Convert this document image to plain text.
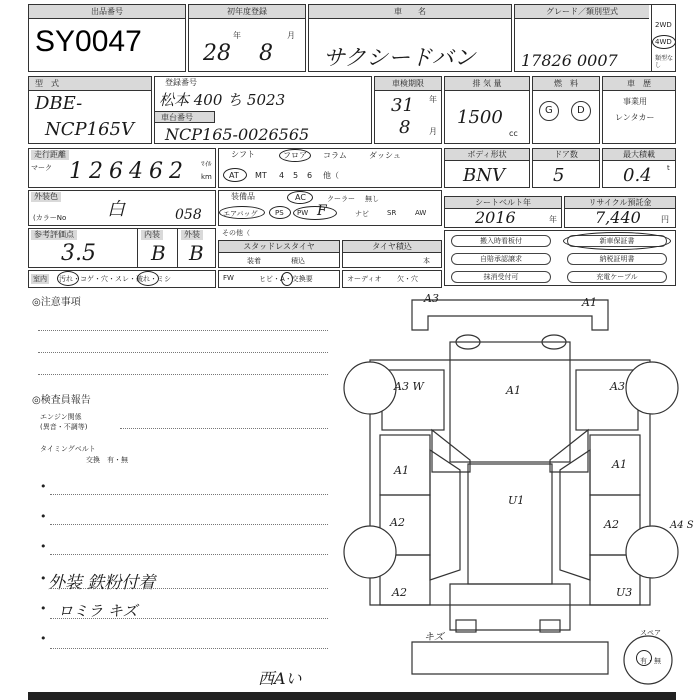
出品番号
SY0047
初年度登録
28
年
8
月
車　　名
サクシードバン
グレード／類別型式
17826 0007
2WD
4WD
類型なし
型　式
DBE-
NCP165V
登録番号
松本 400 ち 5023
車台番号
NCP165-0026565
車検期限
31 年
8 月
排 気 量
1500
cc
燃　料
G D
車　歴
事業用
レンタカー
走行距離
マーク 126462 ﾏｲﾙ
km
シフト	フロア コラム	ダッシュ
AT MT 4 5 6 他（
ボディ形状
BNV
ドア数
5
最大積載
0.4 t
外装色
白
(カラーNo	058
装備品	AC	クーラー 無し
エアバッグ	PS PW F	ナビ	SR	AW
その他（
シートベルト年
2016	年
リサイクル預託金
7,440	円
参考評価点
3.5
内装
B
外装
B	スタッドレスタイヤ
装着	積込
タイヤ積込
本
搬入時看板付
自賠承認譲求
抹消受付可
新車保証書
納税証明書
充電ケーブル
室内 汚れ・コゲ・穴・スレ・破れ・ミシ	FW	ヒビ・A・交換要	オーディオ 欠・穴
◎注意事項
◎検査員報告
エンジン関係
(異音・不調等)
タイミングベルト
交換　有・無
•
•
•
• 外装 鉄粉付着
• ロミラ キズ
•
西Aい
A3	A1
A3 W	A1	A3
A1	A1
A2
U1
A2	A4 S
A2	U3
キズ	スペア
有・無
